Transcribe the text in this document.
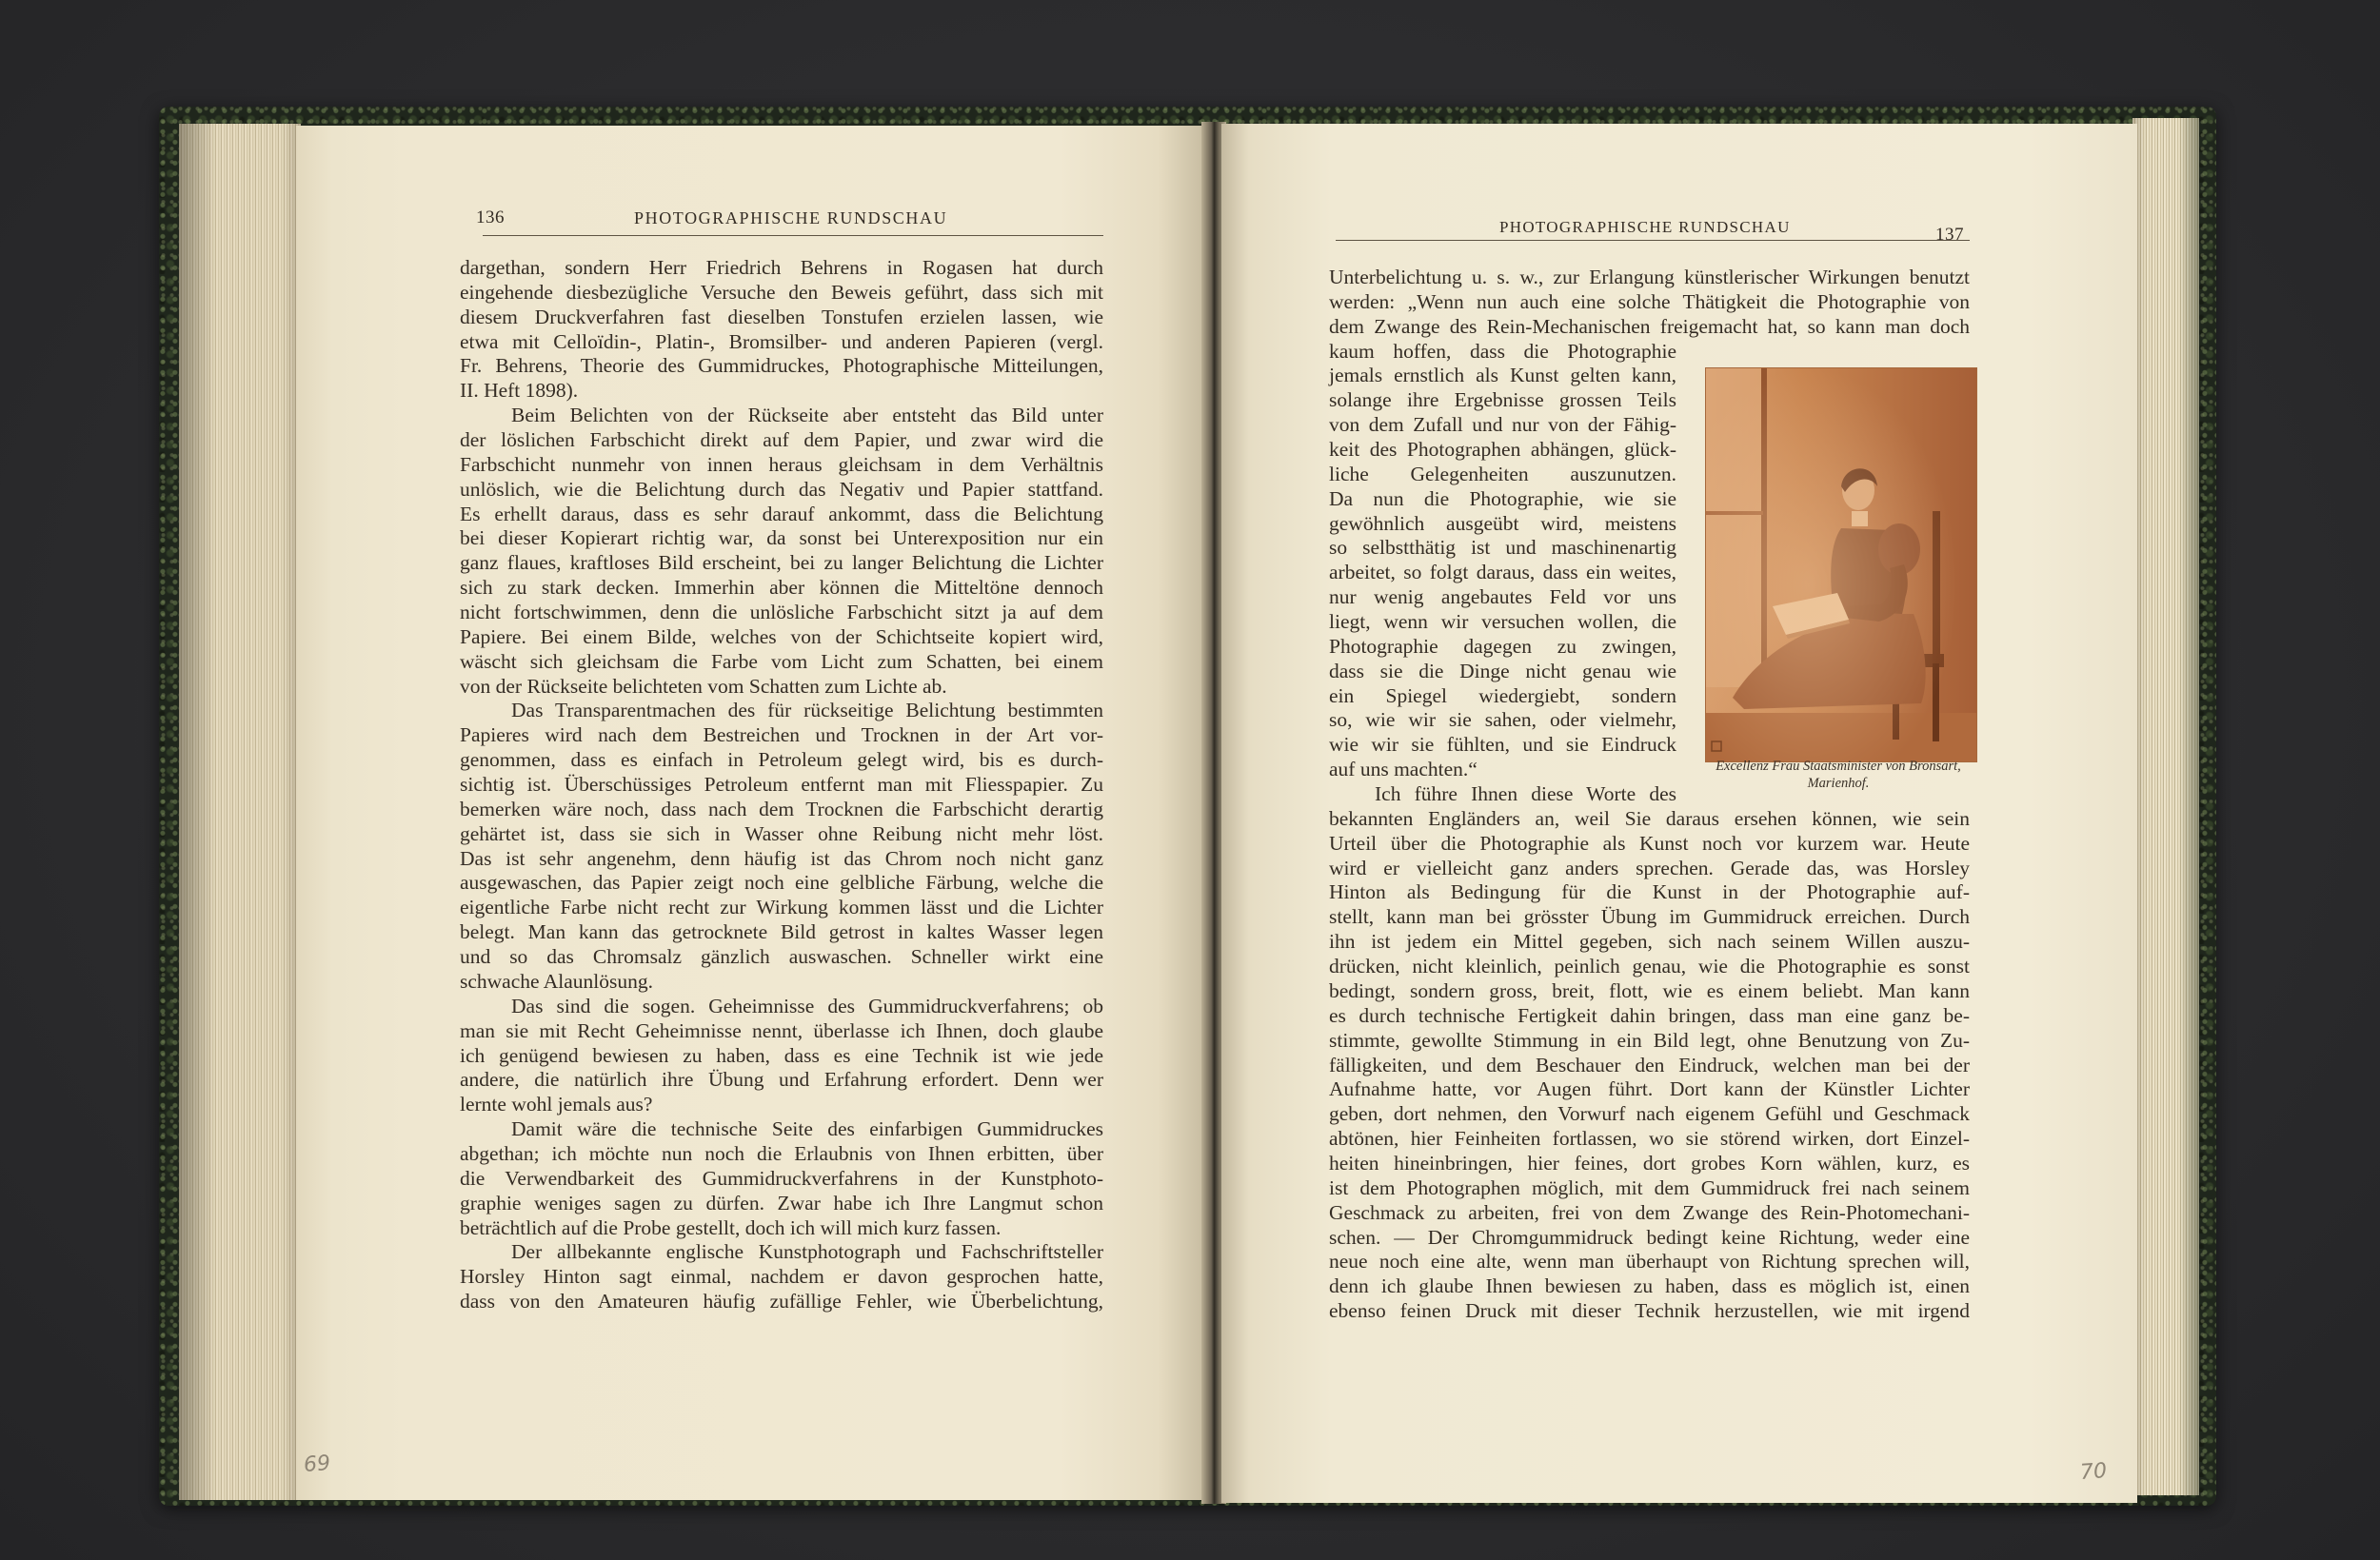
136	PHOTOGRAPHISCHE RUNDSCHAU
dargethan, sondern Herr Friedrich Behrens in Rogasen hat durch
eingehende diesbezügliche Versuche den Beweis geführt, dass sich mit
diesem Druckverfahren fast dieselben Tonstufen erzielen lassen, wie
etwa mit Celloïdin-, Platin-, Bromsilber- und anderen Papieren (vergl.
Fr. Behrens, Theorie des Gummidruckes, Photographische Mitteilungen,
II. Heft 1898).
Beim Belichten von der Rückseite aber entsteht das Bild unter
der löslichen Farbschicht direkt auf dem Papier, und zwar wird die
Farbschicht nunmehr von innen heraus gleichsam in dem Verhältnis
unlöslich, wie die Belichtung durch das Negativ und Papier stattfand.
Es erhellt daraus, dass es sehr darauf ankommt, dass die Belichtung
bei dieser Kopierart richtig war, da sonst bei Unterexposition nur ein
ganz flaues, kraftloses Bild erscheint, bei zu langer Belichtung die Lichter
sich zu stark decken. Immerhin aber können die Mitteltöne dennoch
nicht fortschwimmen, denn die unlösliche Farbschicht sitzt ja auf dem
Papiere. Bei einem Bilde, welches von der Schichtseite kopiert wird,
wäscht sich gleichsam die Farbe vom Licht zum Schatten, bei einem
von der Rückseite belichteten vom Schatten zum Lichte ab.
Das Transparentmachen des für rückseitige Belichtung bestimmten
Papieres wird nach dem Bestreichen und Trocknen in der Art vor-
genommen, dass es einfach in Petroleum gelegt wird, bis es durch-
sichtig ist. Überschüssiges Petroleum entfernt man mit Fliesspapier. Zu
bemerken wäre noch, dass nach dem Trocknen die Farbschicht derartig
gehärtet ist, dass sie sich in Wasser ohne Reibung nicht mehr löst.
Das ist sehr angenehm, denn häufig ist das Chrom noch nicht ganz
ausgewaschen, das Papier zeigt noch eine gelbliche Färbung, welche die
eigentliche Farbe nicht recht zur Wirkung kommen lässt und die Lichter
belegt. Man kann das getrocknete Bild getrost in kaltes Wasser legen
und so das Chromsalz gänzlich auswaschen. Schneller wirkt eine
schwache Alaunlösung.
Das sind die sogen. Geheimnisse des Gummidruckverfahrens; ob
man sie mit Recht Geheimnisse nennt, überlasse ich Ihnen, doch glaube
ich genügend bewiesen zu haben, dass es eine Technik ist wie jede
andere, die natürlich ihre Übung und Erfahrung erfordert. Denn wer
lernte wohl jemals aus?
Damit wäre die technische Seite des einfarbigen Gummidruckes
abgethan; ich möchte nun noch die Erlaubnis von Ihnen erbitten, über
die Verwendbarkeit des Gummidruckverfahrens in der Kunstphoto-
graphie weniges sagen zu dürfen. Zwar habe ich Ihre Langmut schon
beträchtlich auf die Probe gestellt, doch ich will mich kurz fassen.
Der allbekannte englische Kunstphotograph und Fachschriftsteller
Horsley Hinton sagt einmal, nachdem er davon gesprochen hatte,
dass von den Amateuren häufig zufällige Fehler, wie Überbelichtung,
69
PHOTOGRAPHISCHE RUNDSCHAU	137
Unterbelichtung u. s. w., zur Erlangung künstlerischer Wirkungen benutzt
werden: „Wenn nun auch eine solche Thätigkeit die Photographie von
dem Zwange des Rein-Mechanischen freigemacht hat, so kann man doch
kaum hoffen, dass die Photographie
jemals ernstlich als Kunst gelten kann,
solange ihre Ergebnisse grossen Teils
von dem Zufall und nur von der Fähig-
keit des Photographen abhängen, glück-
liche Gelegenheiten auszunutzen.
Da nun die Photographie, wie sie
gewöhnlich ausgeübt wird, meistens
so selbstthätig ist und maschinenartig
arbeitet, so folgt daraus, dass ein weites,
nur wenig angebautes Feld vor uns
liegt, wenn wir versuchen wollen, die
Photographie dagegen zu zwingen,
dass sie die Dinge nicht genau wie
ein Spiegel wiedergiebt, sondern
so, wie wir sie sahen, oder vielmehr,
wie wir sie fühlten, und sie Eindruck
auf uns machten.“
Ich führe Ihnen diese Worte des
bekannten Engländers an, weil Sie daraus ersehen können, wie sein
Urteil über die Photographie als Kunst noch vor kurzem war. Heute
wird er vielleicht ganz anders sprechen. Gerade das, was Horsley
Hinton als Bedingung für die Kunst in der Photographie auf-
stellt, kann man bei grösster Übung im Gummidruck erreichen. Durch
ihn ist jedem ein Mittel gegeben, sich nach seinem Willen auszu-
drücken, nicht kleinlich, peinlich genau, wie die Photographie es sonst
bedingt, sondern gross, breit, flott, wie es einem beliebt. Man kann
es durch technische Fertigkeit dahin bringen, dass man eine ganz be-
stimmte, gewollte Stimmung in ein Bild legt, ohne Benutzung von Zu-
fälligkeiten, und dem Beschauer den Eindruck, welchen man bei der
Aufnahme hatte, vor Augen führt. Dort kann der Künstler Lichter
geben, dort nehmen, den Vorwurf nach eigenem Gefühl und Geschmack
abtönen, hier Feinheiten fortlassen, wo sie störend wirken, dort Einzel-
heiten hineinbringen, hier feines, dort grobes Korn wählen, kurz, es
ist dem Photographen möglich, mit dem Gummidruck frei nach seinem
Geschmack zu arbeiten, frei von dem Zwange des Rein-Photomechani-
schen. — Der Chromgummidruck bedingt keine Richtung, weder eine
neue noch eine alte, wenn man überhaupt von Richtung sprechen will,
denn ich glaube Ihnen bewiesen zu haben, dass es möglich ist, einen
ebenso feinen Druck mit dieser Technik herzustellen, wie mit irgend
Excellenz Frau Staatsminister von Bronsart,
Marienhof.
70
